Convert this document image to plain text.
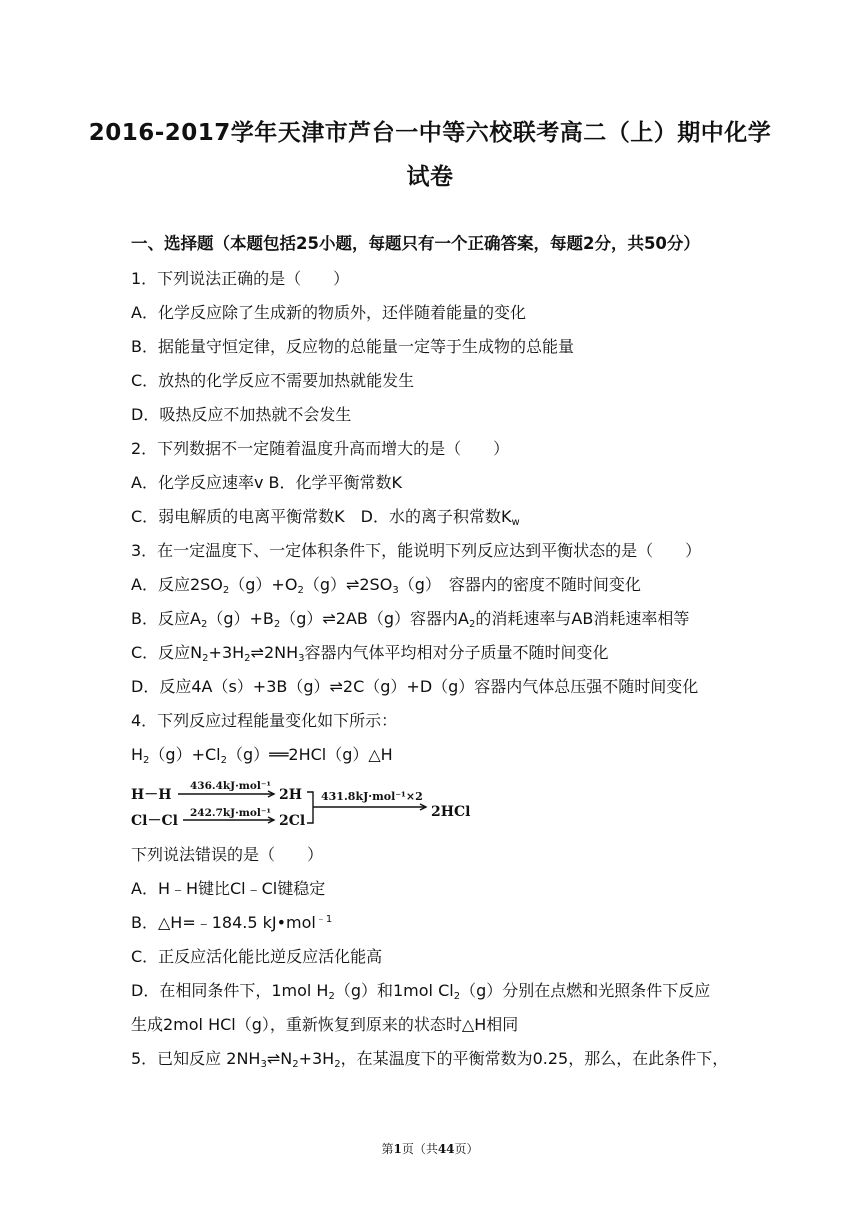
2016-2017学年天津市芦台一中等六校联考高二（上）期中化学
试卷
一、选择题（本题包括25小题，每题只有一个正确答案，每题2分，共50分）
1．下列说法正确的是（　　）
A．化学反应除了生成新的物质外，还伴随着能量的变化
B．据能量守恒定律，反应物的总能量一定等于生成物的总能量
C．放热的化学反应不需要加热就能发生
D．吸热反应不加热就不会发生
2．下列数据不一定随着温度升高而增大的是（　　）
A．化学反应速率v B．化学平衡常数K
C．弱电解质的电离平衡常数K　D．水的离子积常数$K_w$
3．在一定温度下、一定体积条件下，能说明下列反应达到平衡状态的是（　　）
A．反应$2SO_2(g)+O_2(g)\rightleftharpoons 2SO_3(g)$　容器内的密度不随时间变化
B．反应$A_2(g)+B_2(g)\rightleftharpoons 2AB(g)$容器内$A_2$的消耗速率与AB消耗速率相等
C．反应$N_2+3H_2\rightleftharpoons 2NH_3$容器内气体平均相对分子质量不随时间变化
D．反应4A（s）+3B（g）⇌2C（g）+D（g）容器内气体总压强不随时间变化
4．下列反应过程能量变化如下所示：
$H_2(g)+Cl_2(g)══2HCl(g)\triangle H$
H－H
Cl－Cl
436.4kJ·mol⁻¹
242.7kJ·mol⁻¹
2H
2Cl
431.8kJ·mol⁻¹×2
2HCl
下列说法错误的是（　　）
A．H﹣H键比Cl﹣Cl键稳定
B．△H=﹣184.5 kJ•mol$^{﹣1}$
C．正反应活化能比逆反应活化能高
D．在相同条件下，1mol $H_2(g)$和1mol $Cl_2(g)$分别在点燃和光照条件下反应
生成2mol HCl（g），重新恢复到原来的状态时△H相同
5．已知反应 $2NH_3\rightleftharpoons N_2+3H_2$，在某温度下的平衡常数为0.25，那么，在此条件下，
第1页（共44页）
